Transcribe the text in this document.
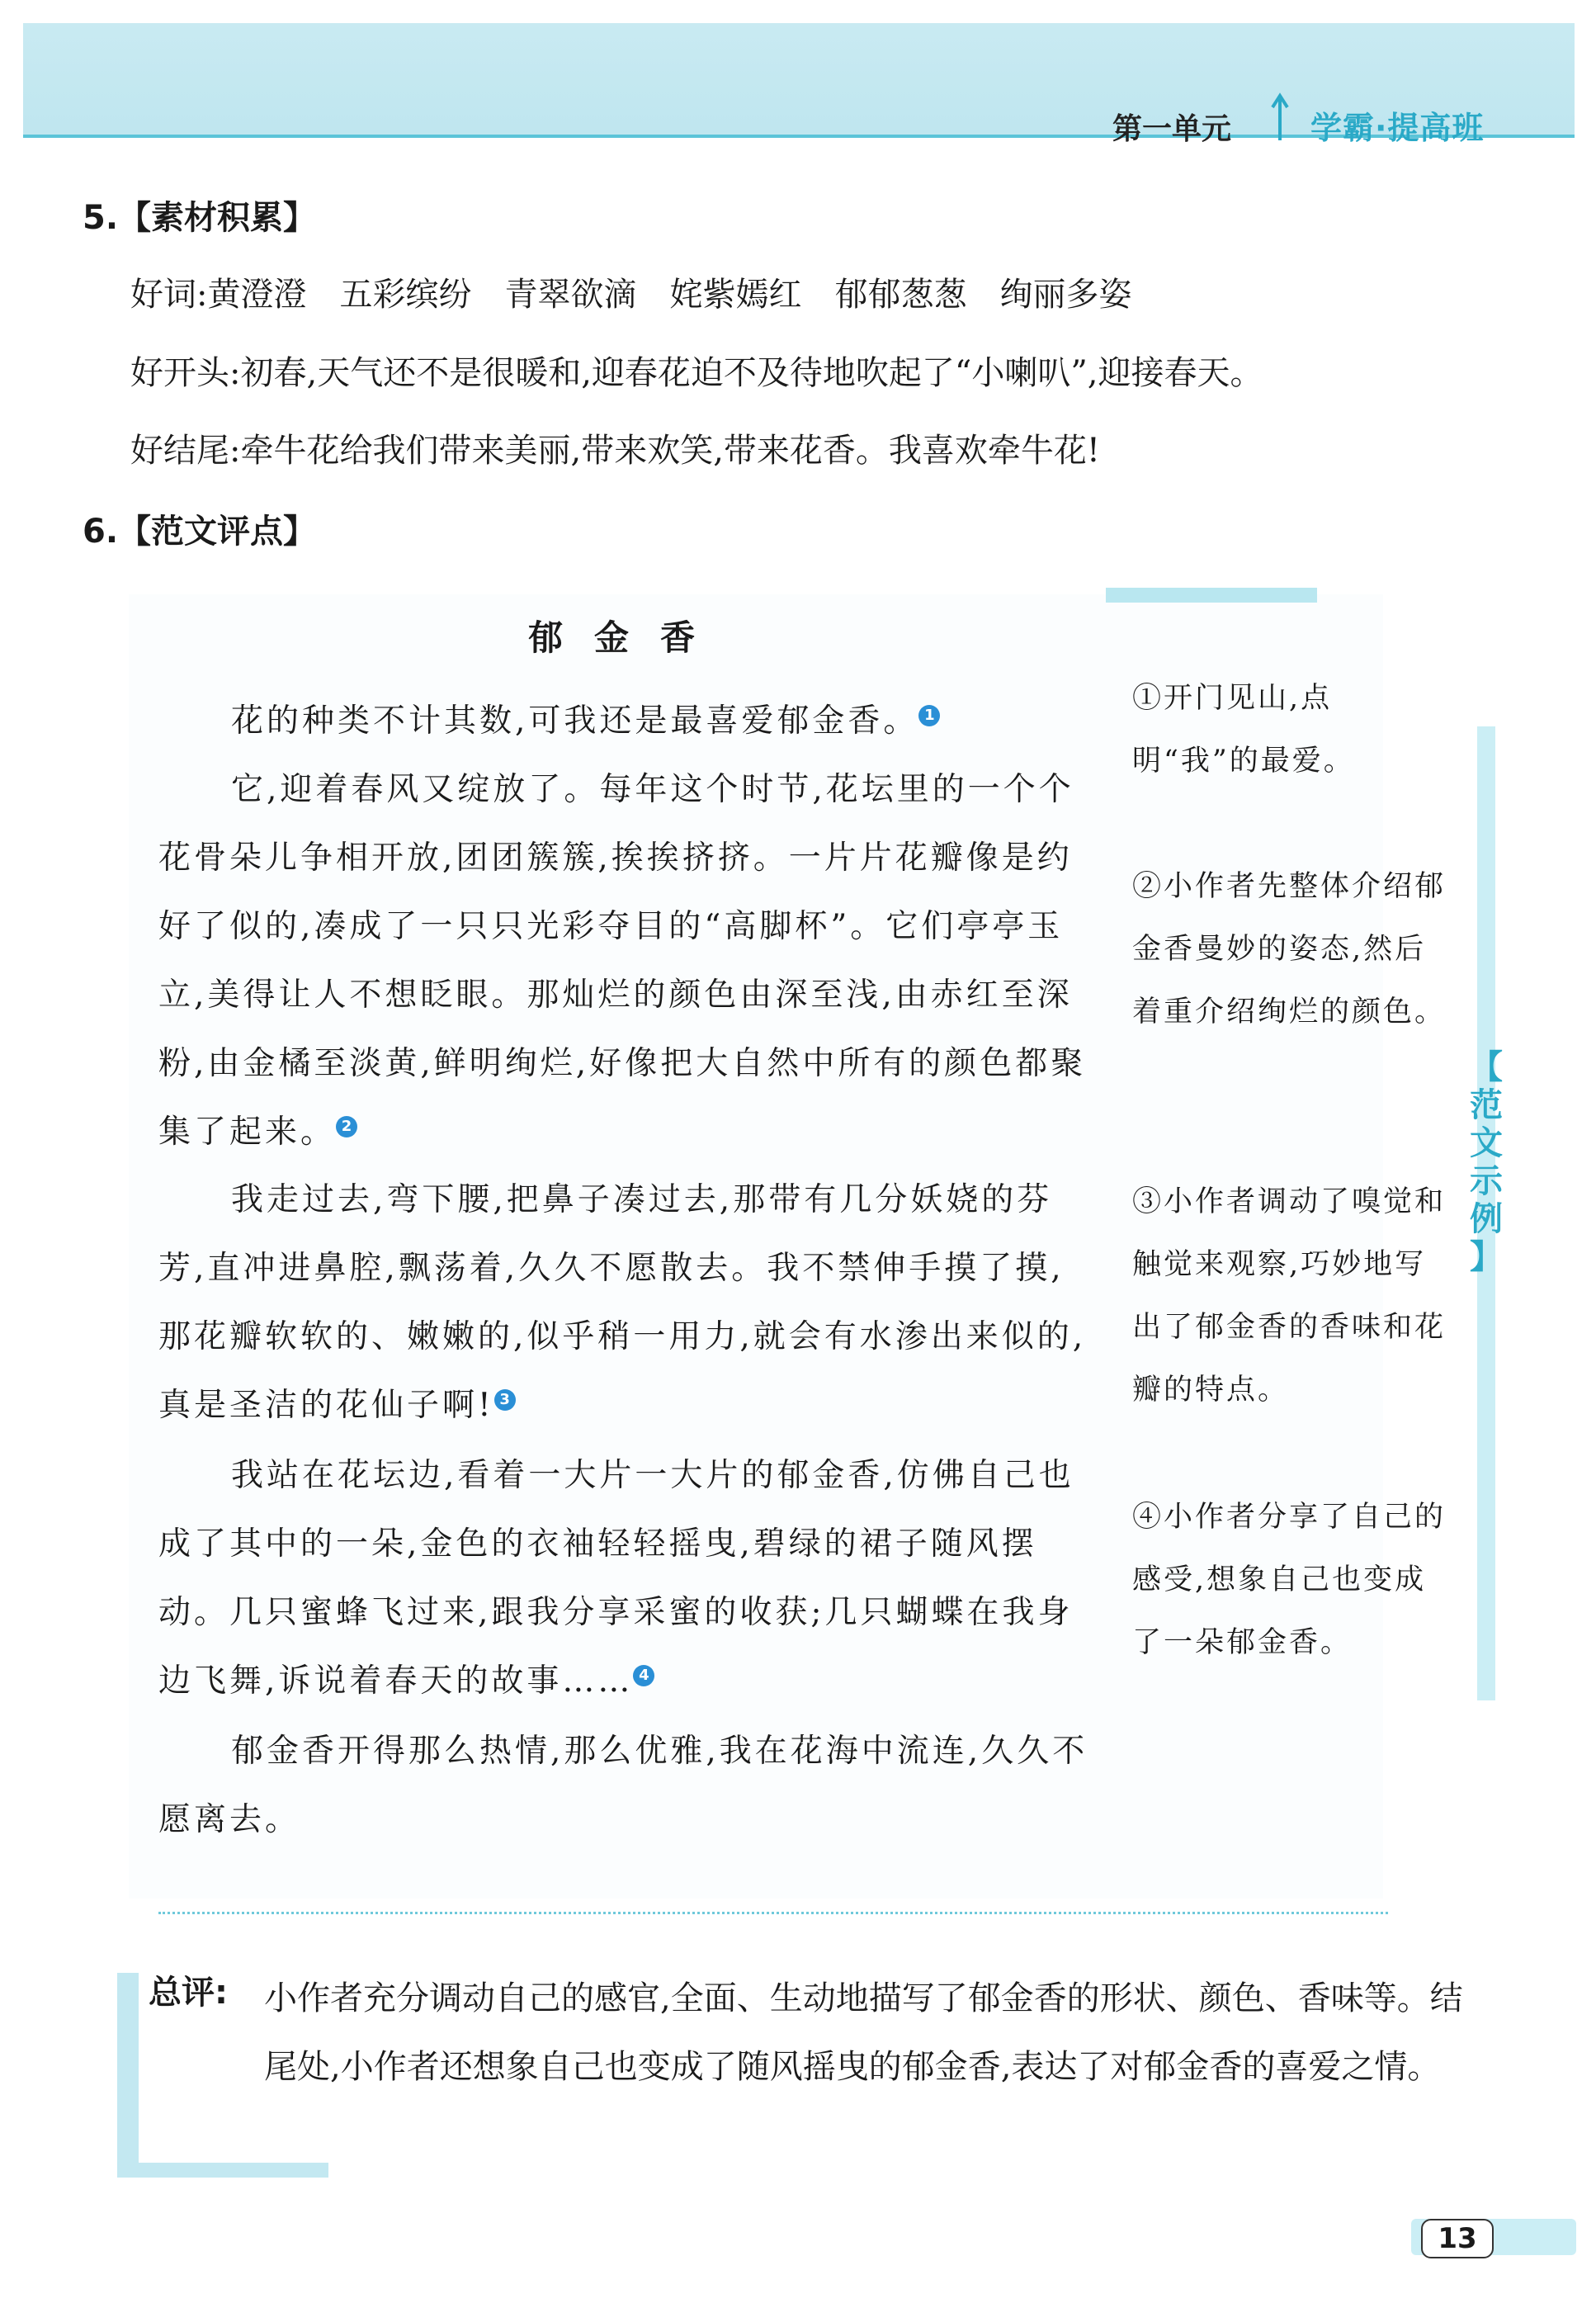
第一单元	学霸·提高班
5.【素材积累】
好词:黄澄澄　五彩缤纷　青翠欲滴　姹紫嫣红　郁郁葱葱　绚丽多姿
好开头:初春,天气还不是很暖和,迎春花迫不及待地吹起了“小喇叭”,迎接春天。
好结尾:牵牛花给我们带来美丽,带来欢笑,带来花香。我喜欢牵牛花!
6.【范文评点】
郁金香

花的种类不计其数,可我还是最喜爱郁金香。 1

它,迎着春风又绽放了。每年这个时节,花坛里的一个个花骨朵儿争相开放,团团簇簇,挨挨挤挤。一片片花瓣像是约好了似的,凑成了一只只光彩夺目的“高脚杯”。它们亭亭玉立,美得让人不想眨眼。那灿烂的颜色由深至浅,由赤红至深粉,由金橘至淡黄,鲜明绚烂,好像把大自然中所有的颜色都聚集了起来。 2

我走过去,弯下腰,把鼻子凑过去,那带有几分妖娆的芬芳,直冲进鼻腔,飘荡着,久久不愿散去。我不禁伸手摸了摸,那花瓣软软的、嫩嫩的,似乎稍一用力,就会有水渗出来似的,真是圣洁的花仙子啊! 3

我站在花坛边,看着一大片一大片的郁金香,仿佛自己也成了其中的一朵,金色的衣袖轻轻摇曳,碧绿的裙子随风摆动。几只蜜蜂飞过来,跟我分享采蜜的收获;几只蝴蝶在我身边飞舞,诉说着春天的故事…… 4

郁金香开得那么热情,那么优雅,我在花海中流连,久久不愿离去。

①开门见山,点明“我”的最爱。

②小作者先整体介绍郁金香曼妙的姿态,然后着重介绍绚烂的颜色。

③小作者调动了嗅觉和触觉来观察,巧妙地写出了郁金香的香味和花瓣的特点。

④小作者分享了自己的感受,想象自己也变成了一朵郁金香。

【
范
文
示
例
】
总评: 小作者充分调动自己的感官,全面、生动地描写了郁金香的形状、颜色、香味等。结尾处,小作者还想象自己也变成了随风摇曳的郁金香,表达了对郁金香的喜爱之情。

13
